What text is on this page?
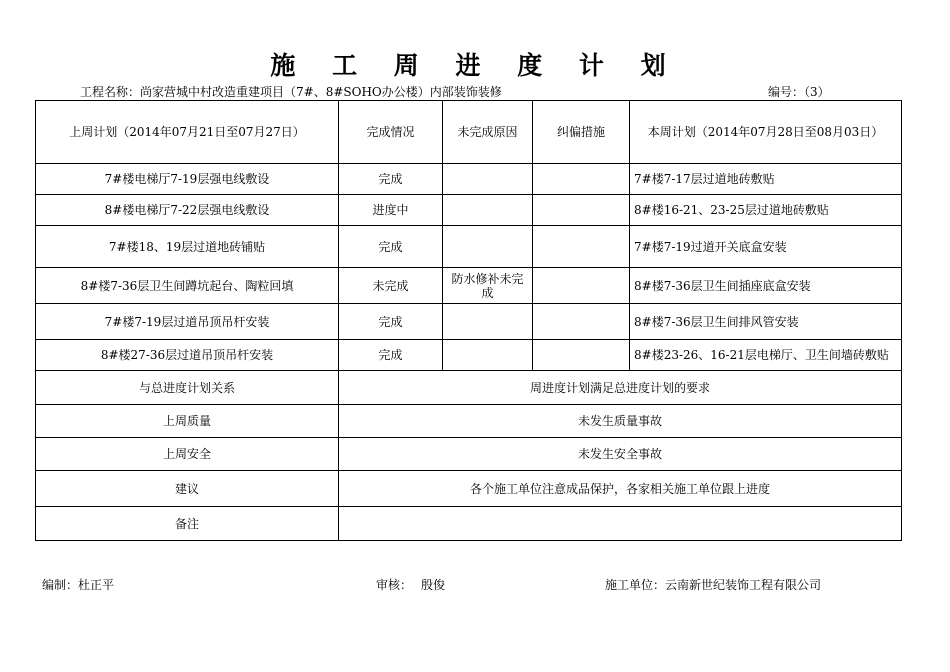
施 工 周 进 度 计 划
工程名称：尚家营城中村改造重建项目（7#、8#SOHO办公楼）内部装饰装修	编号：（3）
上周计划（2014年07月21日至07月27日）	完成情况	未完成原因	纠偏措施	本周计划（2014年07月28日至08月03日）
7#楼电梯厅7-19层强电线敷设	完成			7#楼7-17层过道地砖敷贴
8#楼电梯厅7-22层强电线敷设	进度中			8#楼16-21、23-25层过道地砖敷贴
7#楼18、19层过道地砖铺贴	完成			7#楼7-19过道开关底盒安装
8#楼7-36层卫生间蹲坑起台、陶粒回填	未完成	防水修补未完成		8#楼7-36层卫生间插座底盒安装
7#楼7-19层过道吊顶吊杆安装	完成			8#楼7-36层卫生间排风管安装
8#楼27-36层过道吊顶吊杆安装	完成			8#楼23-26、16-21层电梯厅、卫生间墙砖敷贴
与总进度计划关系	周进度计划满足总进度计划的要求			
上周质量	未发生质量事故			
上周安全	未发生安全事故			
建议	各个施工单位注意成品保护，各家相关施工单位跟上进度			
备注				
编制：杜正平	审核： 殷俊	施工单位：云南新世纪装饰工程有限公司
